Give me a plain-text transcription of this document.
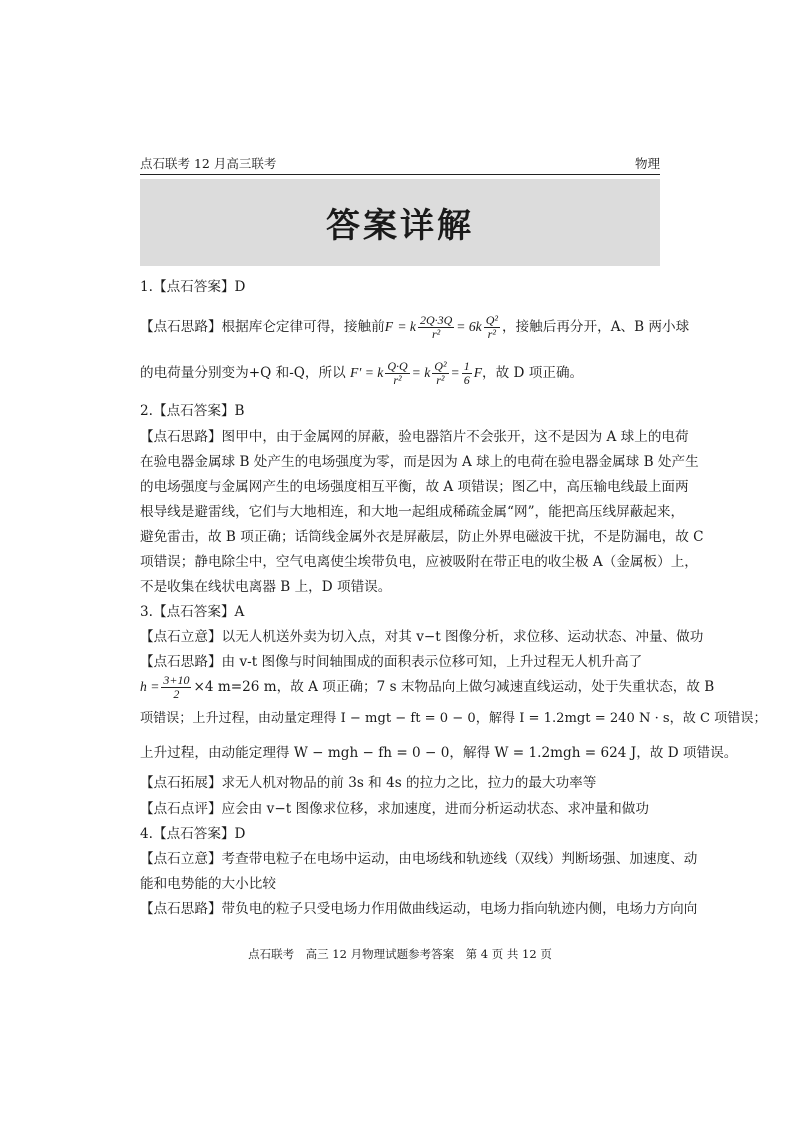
点石联考 12 月高三联考	物理
答案详解
1.【点石答案】D
【点石思路】根据库仑定律可得，接触前F = k $\frac{2Q\cdot 3Q}{\text{r²}} = 6k \frac{\text{Q²}}{\text{r²}}$ ，接触后再分开，A、B 两小球
的电荷量分别变为+Q 和-Q，所以 F′ = k $\frac{Q\cdot Q}{\text{r²}} = k \frac{\text{Q²}}{\text{r²}} = \frac{1}{6}$ F，故 D 项正确。
2.【点石答案】B
【点石思路】图甲中，由于金属网的屏蔽，验电器箔片不会张开，这不是因为 A 球上的电荷
在验电器金属球 B 处产生的电场强度为零，而是因为 A 球上的电荷在验电器金属球 B 处产生
的电场强度与金属网产生的电场强度相互平衡，故 A 项错误；图乙中，高压输电线最上面两
根导线是避雷线，它们与大地相连，和大地一起组成稀疏金属“网”，能把高压线屏蔽起来，
避免雷击，故 B 项正确；话筒线金属外衣是屏蔽层，防止外界电磁波干扰，不是防漏电，故 C
项错误；静电除尘中，空气电离使尘埃带负电，应被吸附在带正电的收尘极 A（金属板）上，
不是收集在线状电离器 B 上，D 项错误。
3.【点石答案】A
【点石立意】以无人机送外卖为切入点，对其 v−t 图像分析，求位移、运动状态、冲量、做功
【点石思路】由 v-t 图像与时间轴围成的面积表示位移可知，上升过程无人机升高了
$h = \frac{3+10}{2} \times 4$ m=26 m，故 A 项正确；7 s 末物品向上做匀减速直线运动，处于失重状态，故 B
项错误；上升过程，由动量定理得 I − mgt − ft = 0 − 0，解得 I = 1.2mgt = 240 N · s，故 C 项错误；
上升过程，由动能定理得 W − mgh − fh = 0 − 0，解得 W = 1.2mgh = 624 J，故 D 项错误。
【点石拓展】求无人机对物品的前 3s 和 4s 的拉力之比，拉力的最大功率等
【点石点评】应会由 v−t 图像求位移，求加速度，进而分析运动状态、求冲量和做功
4.【点石答案】D
【点石立意】考查带电粒子在电场中运动，由电场线和轨迹线（双线）判断场强、加速度、动
能和电势能的大小比较
【点石思路】带负电的粒子只受电场力作用做曲线运动，电场力指向轨迹内侧，电场力方向向
点石联考　高三 12 月物理试题参考答案　第 4 页 共 12 页
